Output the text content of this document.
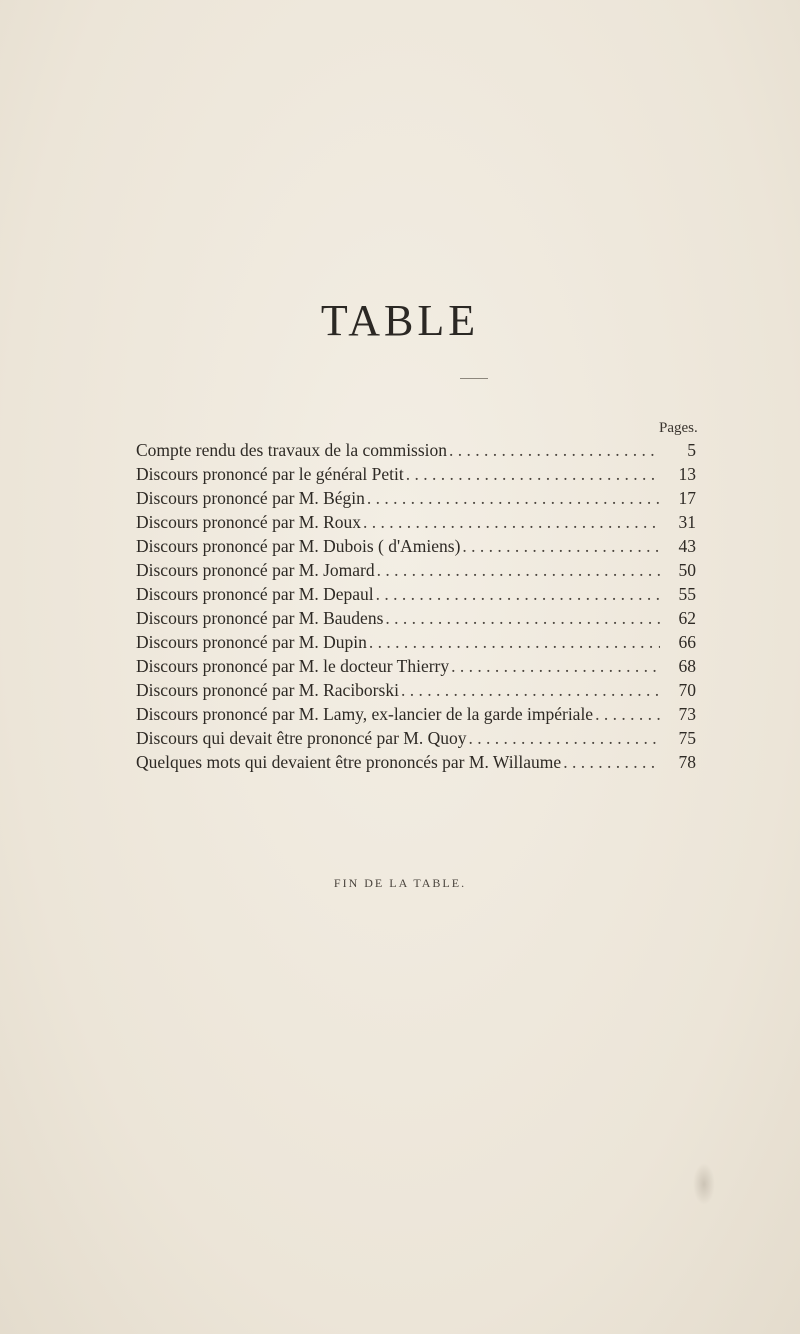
TABLE
Pages.
Compte rendu des travaux de la commission . . .	5
Discours prononcé par le général Petit . . .	13
Discours prononcé par M. Bégin . . .	17
Discours prononcé par M. Roux . . .	31
Discours prononcé par M. Dubois ( d'Amiens) . . .	43
Discours prononcé par M. Jomard . . .	50
Discours prononcé par M. Depaul . . .	55
Discours prononcé par M. Baudens . . .	62
Discours prononcé par M. Dupin . . .	66
Discours prononcé par M. le docteur Thierry . . .	68
Discours prononcé par M. Raciborski . . .	70
Discours prononcé par M. Lamy, ex-lancier de la garde impériale . . .	73
Discours qui devait être prononcé par M. Quoy . . .	75
Quelques mots qui devaient être prononcés par M. Willaume . . .	78
FIN DE LA TABLE.
